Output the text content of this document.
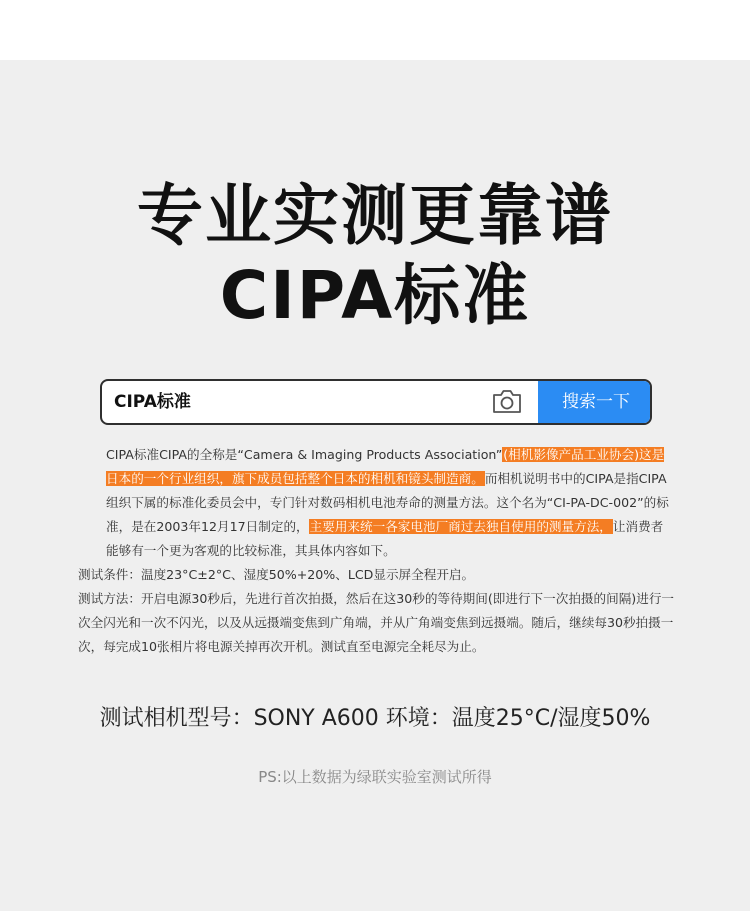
专业实测更靠谱
CIPA标准
CIPA标准	搜索一下

CIPA标准CIPA的全称是“Camera & Imaging Products Association”(相机影像产品工业协会)这是日本的一个行业组织，旗下成员包括整个日本的相机和镜头制造商。而相机说明书中的CIPA是指CIPA组织下属的标准化委员会中，专门针对数码相机电池寿命的测量方法。这个名为“CI-PA-DC-002”的标准，是在2003年12月17日制定的，主要用来统一各家电池厂商过去独自使用的测量方法，让消费者能够有一个更为客观的比较标准，其具体内容如下。

测试条件：温度23°C±2°C、湿度50%+20%、LCD显示屏全程开启。

测试方法：开启电源30秒后，先进行首次拍摄，然后在这30秒的等待期间(即进行下一次拍摄的间隔)进行一次全闪光和一次不闪光，以及从远摄端变焦到广角端，并从广角端变焦到远摄端。随后，继续每30秒拍摄一次，每完成10张相片将电源关掉再次开机。测试直至电源完全耗尽为止。

测试相机型号：SONY A600 环境：温度25°C/湿度50%
PS:以上数据为绿联实验室测试所得
